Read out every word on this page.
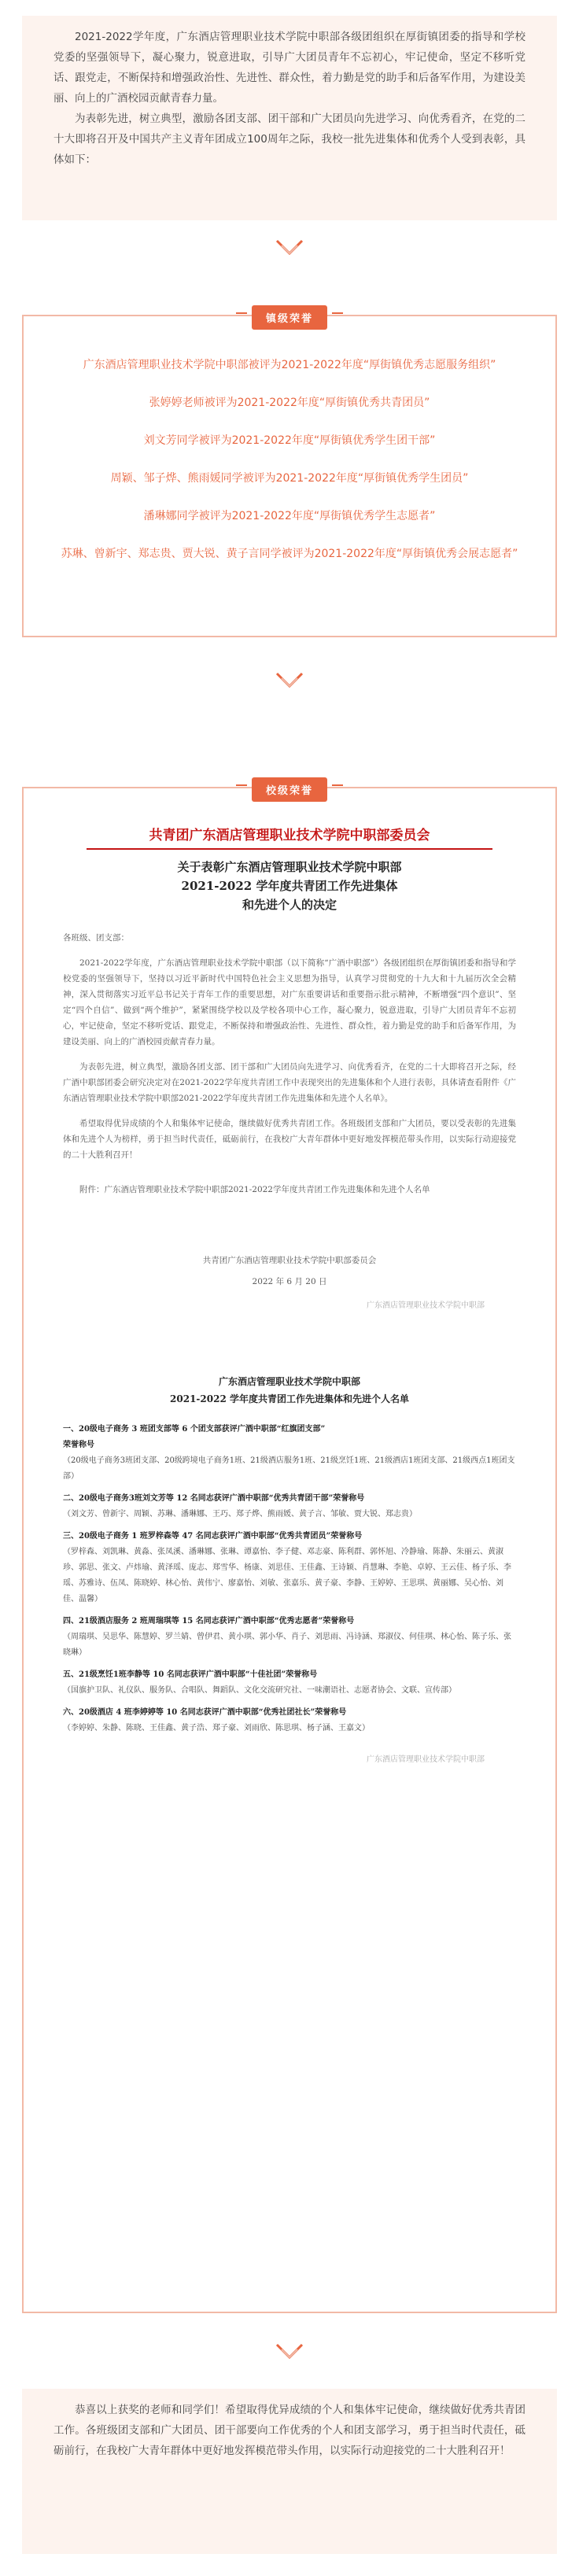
2021-2022学年度，广东酒店管理职业技术学院中职部各级团组织在厚街镇团委的指导和学校党委的坚强领导下，凝心聚力，锐意进取，引导广大团员青年不忘初心，牢记使命，坚定不移听党话、跟党走，不断保持和增强政治性、先进性、群众性，着力勤是党的助手和后备军作用，为建设美丽、向上的广酒校园贡献青春力量。

为表彰先进，树立典型，激励各团支部、团干部和广大团员向先进学习、向优秀看齐，在党的二十大即将召开及中国共产主义青年团成立100周年之际，我校一批先进集体和优秀个人受到表彰，具体如下：

镇级荣誉
广东酒店管理职业技术学院中职部被评为2021-2022年度“厚街镇优秀志愿服务组织”
张婷婷老师被评为2021-2022年度“厚街镇优秀共青团员”
刘文芳同学被评为2021-2022年度“厚街镇优秀学生团干部”
周颖、邹子烨、熊雨媛同学被评为2021-2022年度“厚街镇优秀学生团员”
潘琳娜同学被评为2021-2022年度“厚街镇优秀学生志愿者”
苏琳、曾新宇、郑志贵、贾大锐、黄子言同学被评为2021-2022年度“厚街镇优秀会展志愿者”
校级荣誉
共青团广东酒店管理职业技术学院中职部委员会
关于表彰广东酒店管理职业技术学院中职部
2021-2022 学年度共青团工作先进集体
和先进个人的决定

各班级、团支部：

2021-2022学年度，广东酒店管理职业技术学院中职部（以下简称“广酒中职部”）各级团组织在厚街镇团委和指导和学校党委的坚强领导下，坚持以习近平新时代中国特色社会主义思想为指导，认真学习贯彻党的十九大和十九届历次全会精神，深入贯彻落实习近平总书记关于青年工作的重要思想，对广东重要讲话和重要指示批示精神，不断增强“四个意识”、坚定“四个自信”、做到“两个维护”，紧紧围绕学校以及学校各项中心工作，凝心聚力，锐意进取，引导广大团员青年不忘初心，牢记使命，坚定不移听党话、跟党走，不断保持和增强政治性、先进性、群众性，着力勤是党的助手和后备军作用，为建设美丽、向上的广酒校园贡献青春力量。

为表彰先进，树立典型，激励各团支部、团干部和广大团员向先进学习、向优秀看齐，在党的二十大即将召开之际，经广酒中职部团委会研究决定对在2021-2022学年度共青团工作中表现突出的先进集体和个人进行表彰，具体请查看附件《广东酒店管理职业技术学院中职部2021-2022学年度共青团工作先进集体和先进个人名单》。

希望取得优异成绩的个人和集体牢记使命，继续做好优秀共青团工作。各班级团支部和广大团员，要以受表彰的先进集体和先进个人为榜样，勇于担当时代责任，砥砺前行，在我校广大青年群体中更好地发挥模范带头作用，以实际行动迎接党的二十大胜利召开！

附件：广东酒店管理职业技术学院中职部2021-2022学年度共青团工作先进集体和先进个人名单

共青团广东酒店管理职业技术学院中职部委员会
2022 年 6 月 20 日
广东酒店管理职业技术学院中职部
广东酒店管理职业技术学院中职部
2021-2022 学年度共青团工作先进集体和先进个人名单
一、20级电子商务 3 班团支部等 6 个团支部获评广酒中职部“红旗团支部”
荣誉称号
（20级电子商务3班团支部、20级跨境电子商务1班、21级酒店服务1班、21级烹饪1班、21级酒店1班团支部、21级西点1班团支部）
二、20级电子商务3班刘文芳等 12 名同志获评广酒中职部“优秀共青团干部”荣誉称号
（刘文芳、曾新宇、周颖、苏琳、潘琳娜、王巧、郑子烨、熊雨媛、黄子言、邹敏、贾大锐、郑志贵）
三、20级电子商务 1 班罗梓森等 47 名同志获评广酒中职部“优秀共青团员”荣誉称号
（罗梓森、刘凯琳、黄淼、张凤溪、潘琳娜、张琳、谭嘉怡、李子健、邓志豪、陈利群、郭怀旭、冷静瑜、陈静、朱丽云、黄淑珍、郭思、张文、卢炜瑜、黄泽瑶、庞志、郑雪华、杨康、刘思佳、王佳鑫、王诗颖、肖慧琳、李艳、卓婷、王云佳、杨子乐、李瑶、苏雅诗、伍凤、陈晓婷、林心怡、黄伟宁、廖嘉怡、刘敏、张嘉乐、黄子豪、李静、王婷婷、王思琪、黄丽娜、吴心怡、刘佳、温馨）
四、21级酒店服务 2 班周瑞琪等 15 名同志获评广酒中职部“优秀志愿者”荣誉称号
（周瑞琪、吴思华、陈慧婷、罗兰婧、曾伊君、黄小琪、郭小华、肖子、刘思雨、冯诗涵、郑淑仪、何佳琪、林心怡、陈子乐、张晓琳）
五、21级烹饪1班李静等 10 名同志获评广酒中职部“十佳社团”荣誉称号
（国旗护卫队、礼仪队、服务队、合唱队、舞蹈队、文化交流研究社、一味潮语社、志愿者协会、文联、宣传部）
六、20级酒店 4 班李婷婷等 10 名同志获评广酒中职部“优秀社团社长”荣誉称号
（李婷婷、朱静、陈晓、王佳鑫、黄子浩、郑子豪、刘雨欣、陈思琪、杨子涵、王嘉文）
广东酒店管理职业技术学院中职部

恭喜以上获奖的老师和同学们！希望取得优异成绩的个人和集体牢记使命，继续做好优秀共青团工作。各班级团支部和广大团员、团干部要向工作优秀的个人和团支部学习，勇于担当时代责任，砥砺前行，在我校广大青年群体中更好地发挥模范带头作用，以实际行动迎接党的二十大胜利召开！
